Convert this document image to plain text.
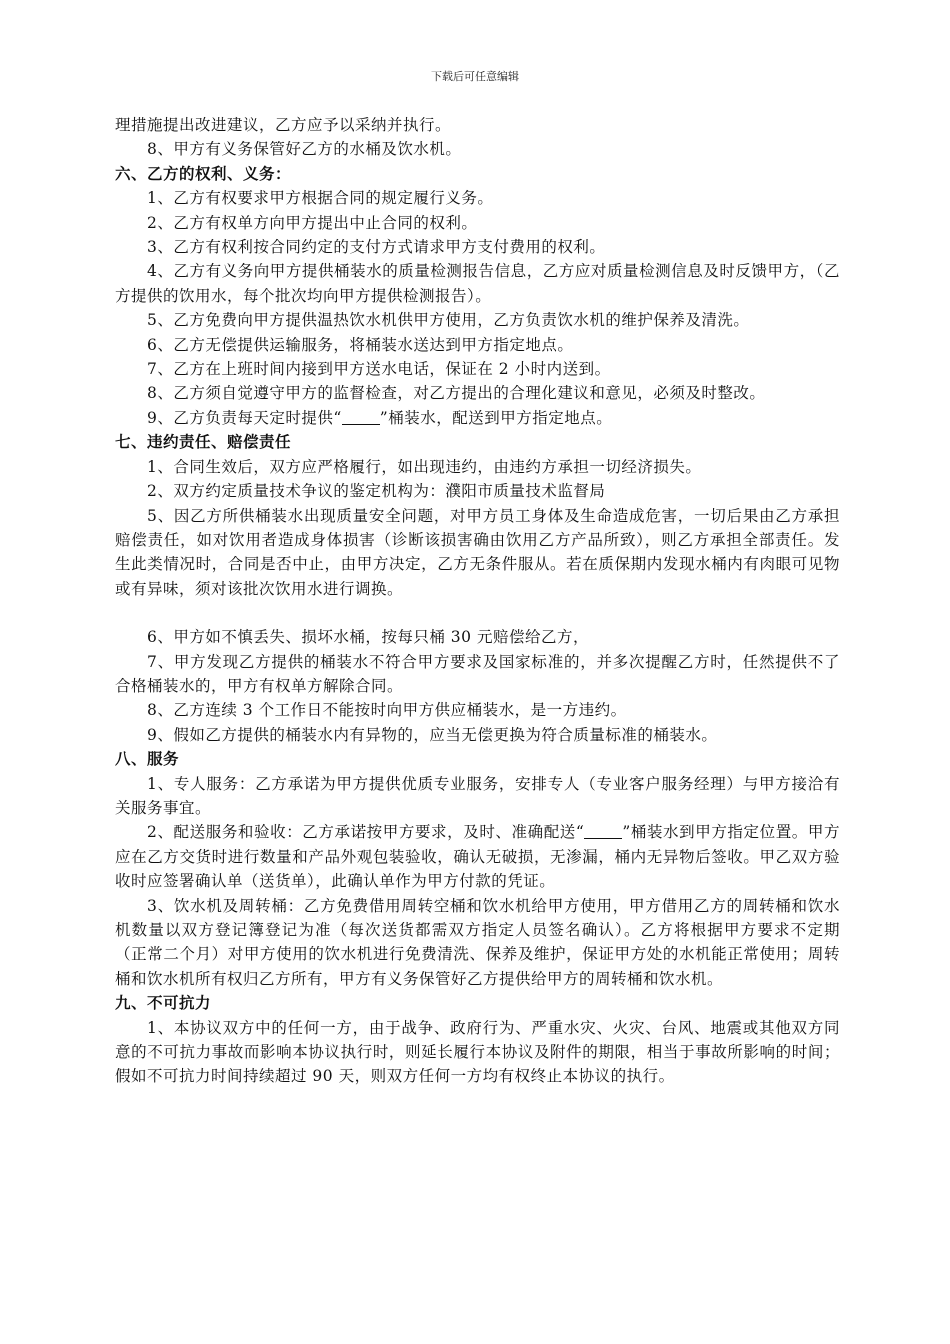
下载后可任意编辑

理措施提出改进建议，乙方应予以采纳并执行。

8、甲方有义务保管好乙方的水桶及饮水机。

六、乙方的权利、义务：

1、乙方有权要求甲方根据合同的规定履行义务。

2、乙方有权单方向甲方提出中止合同的权利。

3、乙方有权利按合同约定的支付方式请求甲方支付费用的权利。

4、乙方有义务向甲方提供桶装水的质量检测报告信息，乙方应对质量检测信息及时反馈甲方，（乙方提供的饮用水，每个批次均向甲方提供检测报告）。

5、乙方免费向甲方提供温热饮水机供甲方使用，乙方负责饮水机的维护保养及清洗。

6、乙方无偿提供运输服务，将桶装水送达到甲方指定地点。

7、乙方在上班时间内接到甲方送水电话，保证在 2 小时内送到。

8、乙方须自觉遵守甲方的监督检查，对乙方提出的合理化建议和意见，必须及时整改。

9、乙方负责每天定时提供“ ”桶装水，配送到甲方指定地点。

七、违约责任、赔偿责任

1、合同生效后，双方应严格履行，如出现违约，由违约方承担一切经济损失。

2、双方约定质量技术争议的鉴定机构为：濮阳市质量技术监督局

5、因乙方所供桶装水出现质量安全问题，对甲方员工身体及生命造成危害，一切后果由乙方承担赔偿责任，如对饮用者造成身体损害（诊断该损害确由饮用乙方产品所致），则乙方承担全部责任。发生此类情况时，合同是否中止，由甲方决定，乙方无条件服从。若在质保期内发现水桶内有肉眼可见物或有异味，须对该批次饮用水进行调换。

6、甲方如不慎丢失、损坏水桶，按每只桶 30 元赔偿给乙方，

7、甲方发现乙方提供的桶装水不符合甲方要求及国家标准的，并多次提醒乙方时，任然提供不了合格桶装水的，甲方有权单方解除合同。

8、乙方连续 3 个工作日不能按时向甲方供应桶装水，是一方违约。

9、假如乙方提供的桶装水内有异物的，应当无偿更换为符合质量标准的桶装水。

八、服务

1、专人服务：乙方承诺为甲方提供优质专业服务，安排专人（专业客户服务经理）与甲方接洽有关服务事宜。

2、配送服务和验收：乙方承诺按甲方要求，及时、准确配送“ ”桶装水到甲方指定位置。甲方应在乙方交货时进行数量和产品外观包装验收，确认无破损，无渗漏，桶内无异物后签收。甲乙双方验收时应签署确认单（送货单），此确认单作为甲方付款的凭证。

3、饮水机及周转桶：乙方免费借用周转空桶和饮水机给甲方使用，甲方借用乙方的周转桶和饮水机数量以双方登记簿登记为准（每次送货都需双方指定人员签名确认）。乙方将根据甲方要求不定期（正常二个月）对甲方使用的饮水机进行免费清洗、保养及维护，保证甲方处的水机能正常使用；周转桶和饮水机所有权归乙方所有，甲方有义务保管好乙方提供给甲方的周转桶和饮水机。

九、不可抗力

1、本协议双方中的任何一方，由于战争、政府行为、严重水灾、火灾、台风、地震或其他双方同意的不可抗力事故而影响本协议执行时，则延长履行本协议及附件的期限，相当于事故所影响的时间；假如不可抗力时间持续超过 90 天，则双方任何一方均有权终止本协议的执行。
